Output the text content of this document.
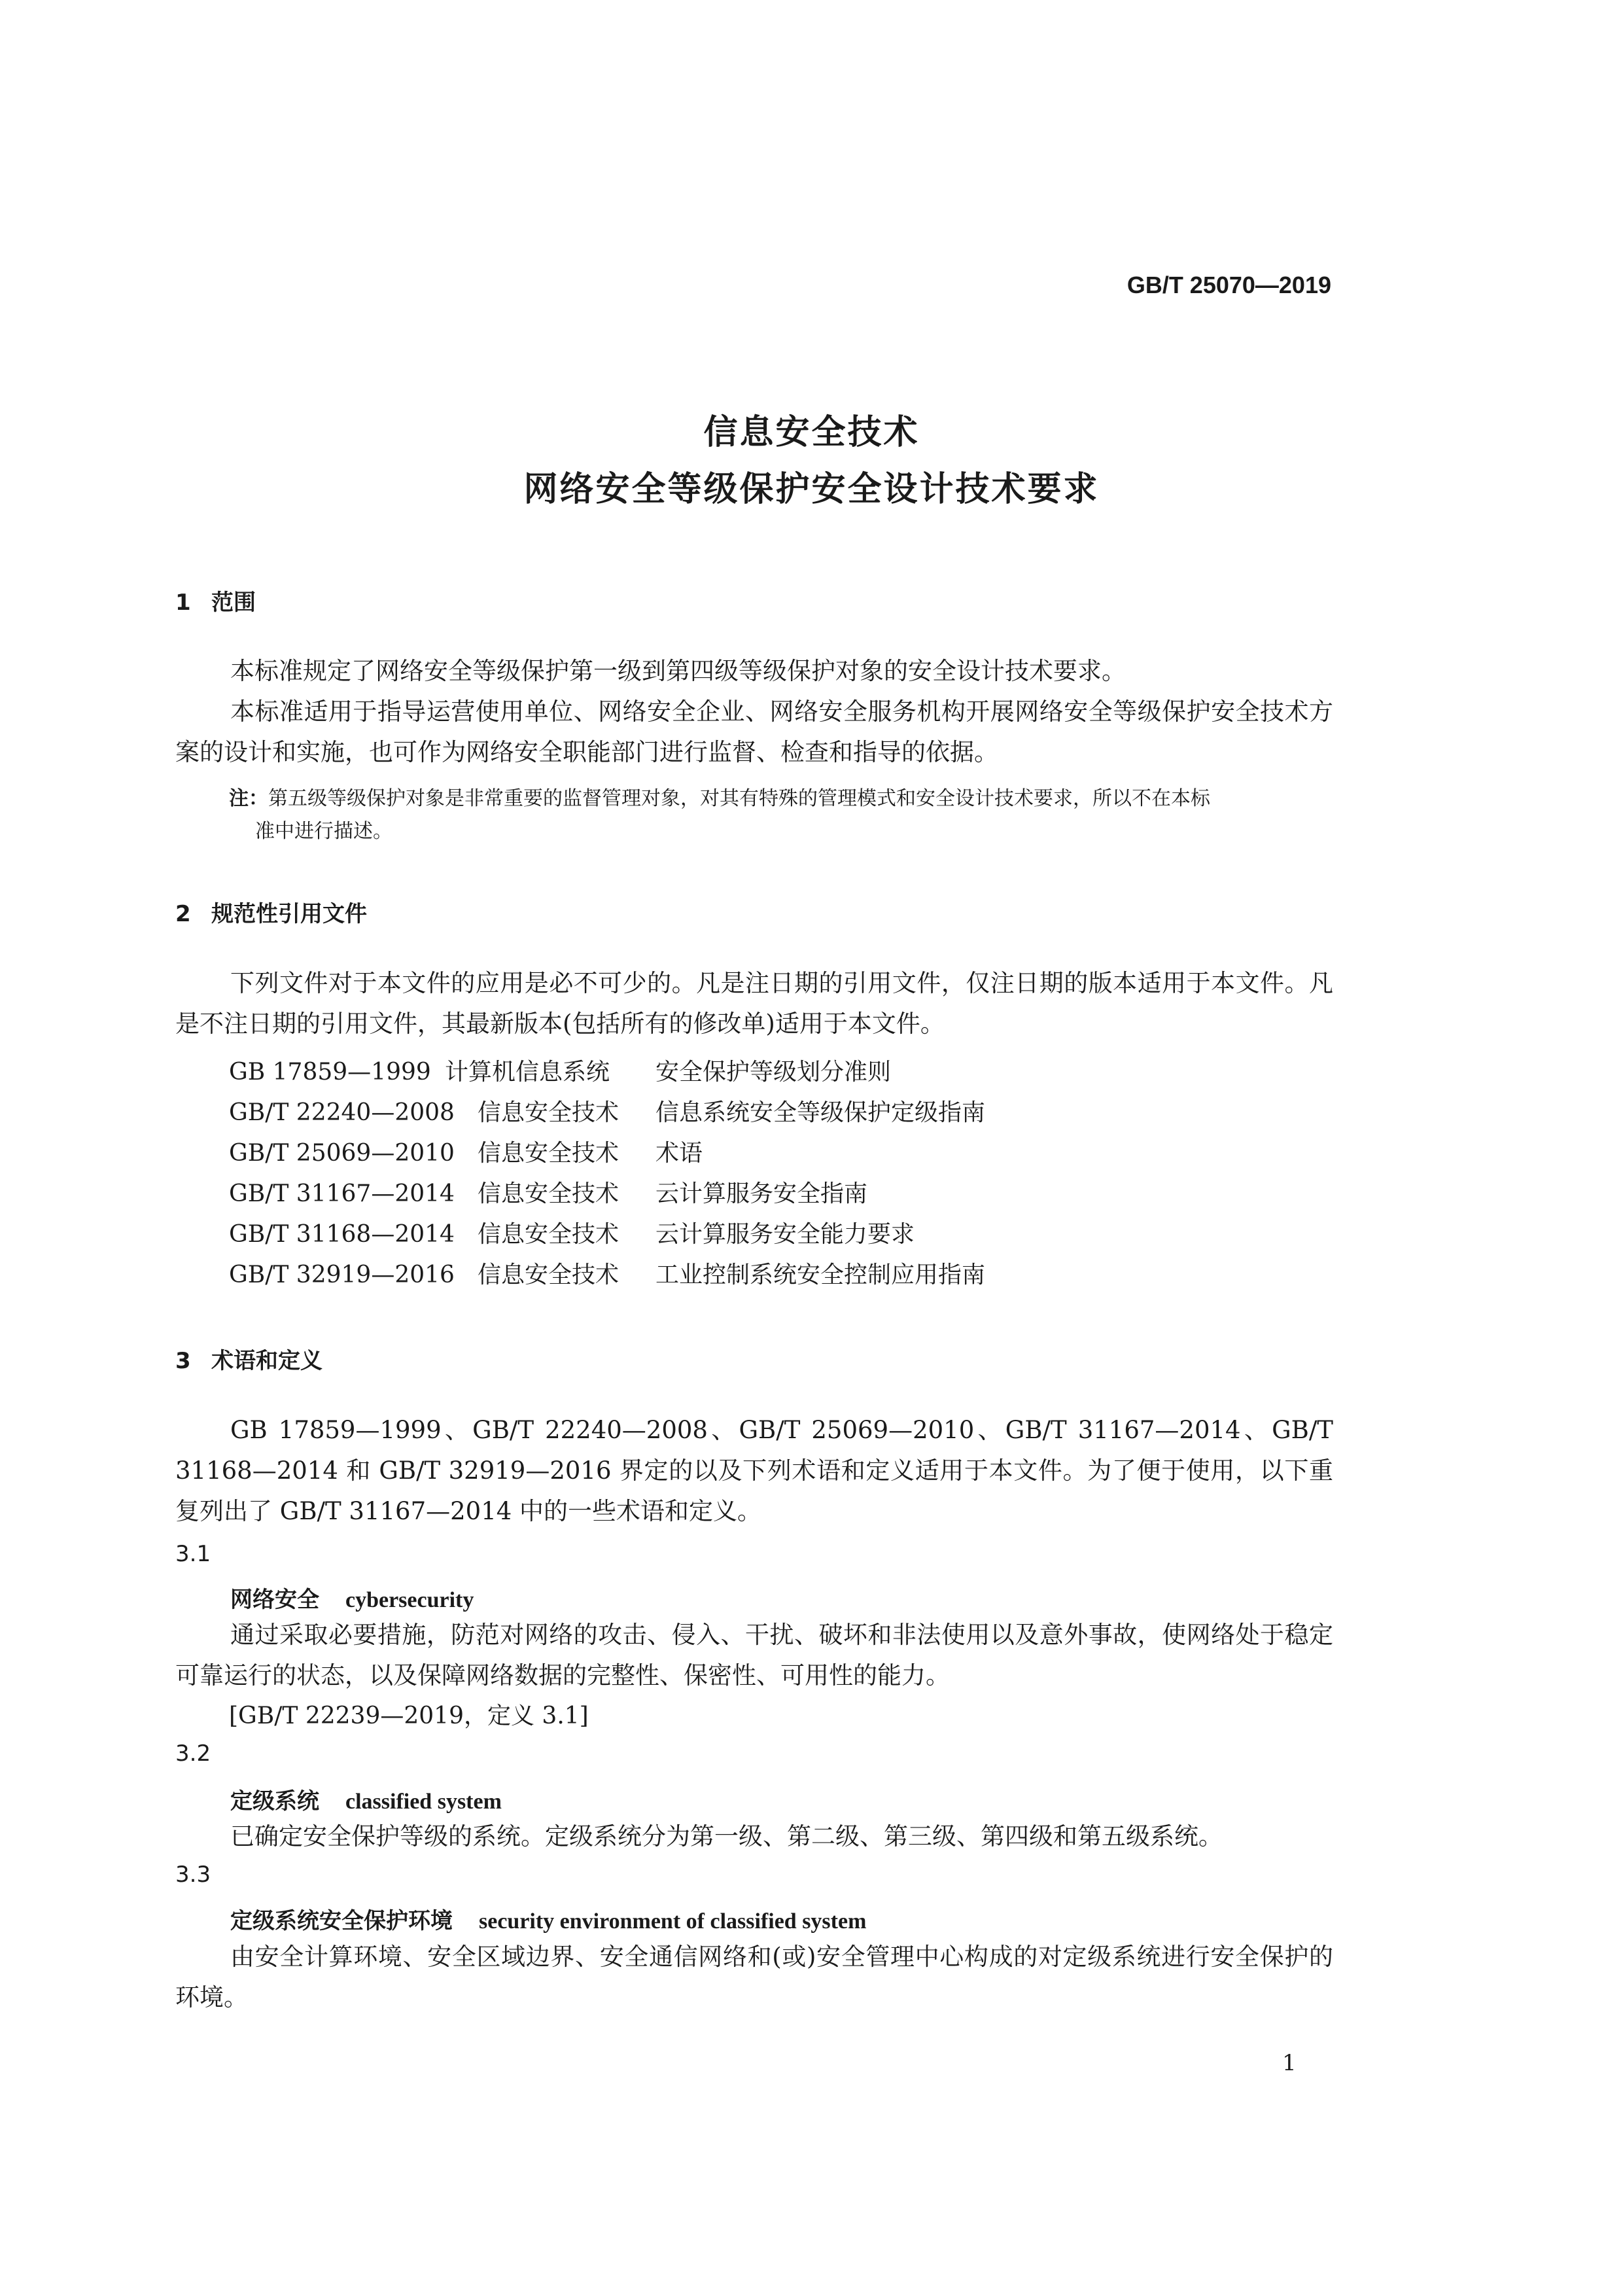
GB/T 25070—2019
信息安全技术
网络安全等级保护安全设计技术要求
1 范围
本标准规定了网络安全等级保护第一级到第四级等级保护对象的安全设计技术要求。
本标准适用于指导运营使用单位、网络安全企业、网络安全服务机构开展网络安全等级保护安全技术方案的设计和实施，也可作为网络安全职能部门进行监督、检查和指导的依据。
注：第五级等级保护对象是非常重要的监督管理对象，对其有特殊的管理模式和安全设计技术要求，所以不在本标
准中进行描述。
2 规范性引用文件
下列文件对于本文件的应用是必不可少的。凡是注日期的引用文件，仅注日期的版本适用于本文件。凡是不注日期的引用文件，其最新版本(包括所有的修改单)适用于本文件。
GB 17859—1999 计算机信息系统 安全保护等级划分准则
GB/T 22240—2008 信息安全技术 信息系统安全等级保护定级指南
GB/T 25069—2010 信息安全技术 术语
GB/T 31167—2014 信息安全技术 云计算服务安全指南
GB/T 31168—2014 信息安全技术 云计算服务安全能力要求
GB/T 32919—2016 信息安全技术 工业控制系统安全控制应用指南
3 术语和定义
GB 17859—1999、GB/T 22240—2008、GB/T 25069—2010、GB/T 31167—2014、GB/T 31168—2014 和 GB/T 32919—2016 界定的以及下列术语和定义适用于本文件。为了便于使用，以下重复列出了 GB/T 31167—2014 中的一些术语和定义。
3.1
网络安全 cybersecurity
通过采取必要措施，防范对网络的攻击、侵入、干扰、破坏和非法使用以及意外事故，使网络处于稳定可靠运行的状态，以及保障网络数据的完整性、保密性、可用性的能力。
[GB/T 22239—2019，定义 3.1]
3.2
定级系统 classified system
已确定安全保护等级的系统。定级系统分为第一级、第二级、第三级、第四级和第五级系统。
3.3
定级系统安全保护环境 security environment of classified system
由安全计算环境、安全区域边界、安全通信网络和(或)安全管理中心构成的对定级系统进行安全保护的环境。
1
